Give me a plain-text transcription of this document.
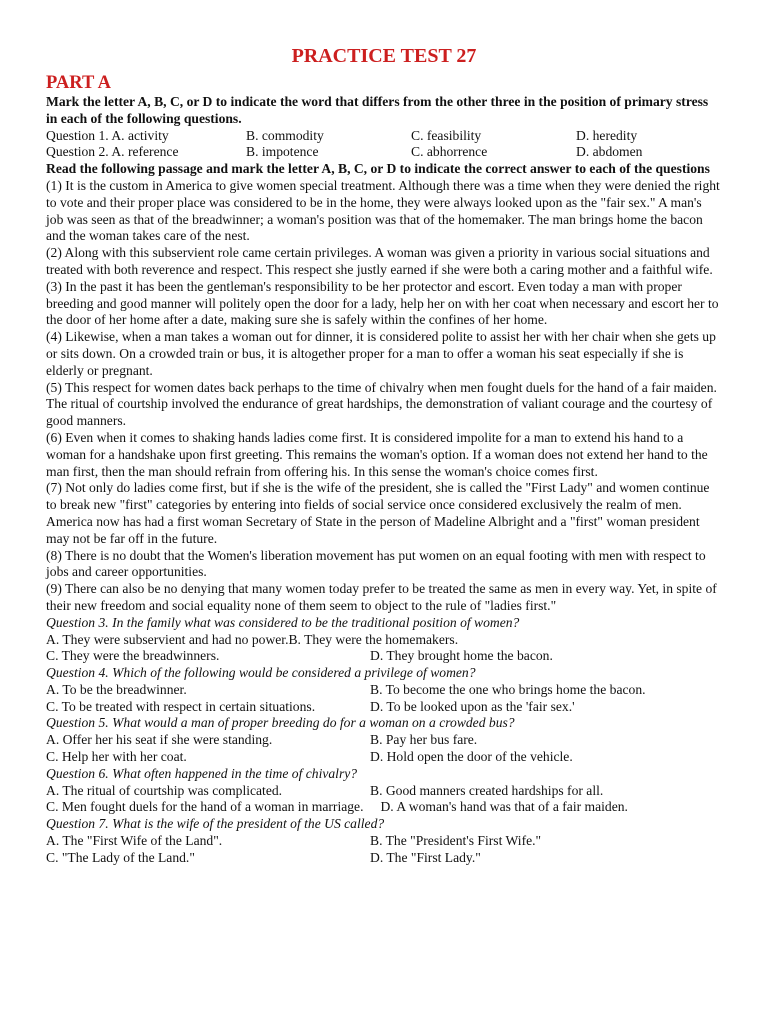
PRACTICE TEST 27
PART A

Mark the letter A, B, C, or D to indicate the word that differs from the other three in the position of primary stress in each of the following questions.

Question 1. A. activity	B. commodity	C. feasibility	D. heredity
Question 2. A. reference	B. impotence	C. abhorrence	D. abdomen

Read the following passage and mark the letter A, B, C, or D to indicate the correct answer to each of the questions

(1) It is the custom in America to give women special treatment. Although there was a time when they were denied the right to vote and their proper place was considered to be in the home, they were always looked upon as the "fair sex." A man's job was seen as that of the breadwinner; a woman's position was that of the homemaker. The man brings home the bacon and the woman takes care of the nest.

(2) Along with this subservient role came certain privileges. A woman was given a priority in various social situations and treated with both reverence and respect. This respect she justly earned if she were both a caring mother and a faithful wife.

(3) In the past it has been the gentleman's responsibility to be her protector and escort. Even today a man with proper breeding and good manner will politely open the door for a lady, help her on with her coat when necessary and escort her to the door of her home after a date, making sure she is safely within the confines of her home.

(4) Likewise, when a man takes a woman out for dinner, it is considered polite to assist her with her chair when she gets up or sits down. On a crowded train or bus, it is altogether proper for a man to offer a woman his seat especially if she is elderly or pregnant.

(5) This respect for women dates back perhaps to the time of chivalry when men fought duels for the hand of a fair maiden. The ritual of courtship involved the endurance of great hardships, the demonstration of valiant courage and the courtesy of good manners.

(6) Even when it comes to shaking hands ladies come first. It is considered impolite for a man to extend his hand to a woman for a handshake upon first greeting. This remains the woman's option. If a woman does not extend her hand to the man first, then the man should refrain from offering his. In this sense the woman's choice comes first.

(7) Not only do ladies come first, but if she is the wife of the president, she is called the "First Lady" and women continue to break new "first" categories by entering into fields of social service once considered exclusively the realm of men. America now has had a first woman Secretary of State in the person of Madeline Albright and a "first" woman president may not be far off in the future.

(8) There is no doubt that the Women's liberation movement has put women on an equal footing with men with respect to jobs and career opportunities.

(9) There can also be no denying that many women today prefer to be treated the same as men in every way. Yet, in spite of their new freedom and social equality none of them seem to object to the rule of "ladies first."

Question 3. In the family what was considered to be the traditional position of women?

A. They were subservient and had no power.B. They were the homemakers.

C. They were the breadwinners.	D. They brought home the bacon.

Question 4. Which of the following would be considered a privilege of women?

A. To be the breadwinner.	B. To become the one who brings home the bacon.
C. To be treated with respect in certain situations.	D. To be looked upon as the 'fair sex.'

Question 5. What would a man of proper breeding do for a woman on a crowded bus?

A. Offer her his seat if she were standing.	B. Pay her bus fare.
C. Help her with her coat.	D. Hold open the door of the vehicle.

Question 6. What often happened in the time of chivalry?

A. The ritual of courtship was complicated.	B. Good manners created hardships for all.

C. Men fought duels for the hand of a woman in marriage.     D. A woman's hand was that of a fair maiden.

Question 7. What is the wife of the president of the US called?

A. The "First Wife of the Land".	B. The "President's First Wife."
C. "The Lady of the Land."	D. The "First Lady."
